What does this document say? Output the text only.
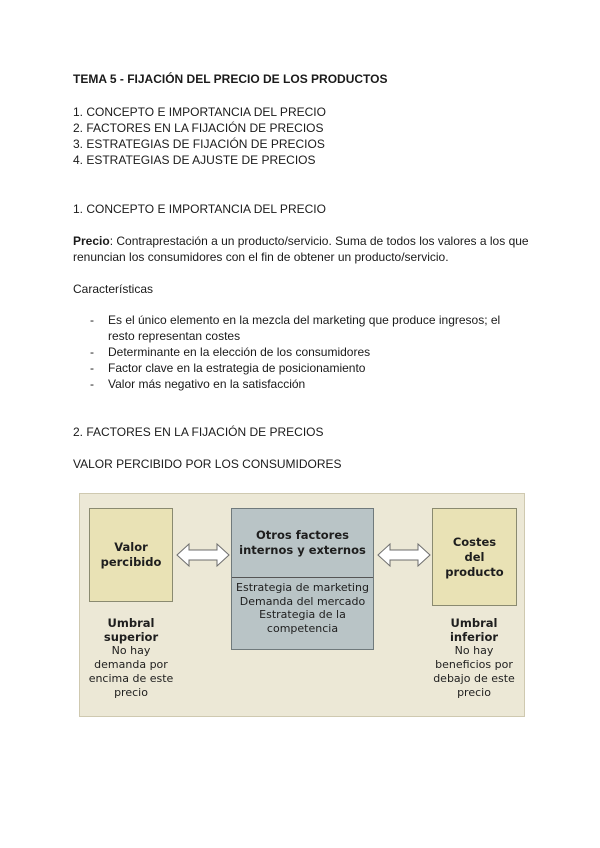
TEMA 5 - FIJACIÓN DEL PRECIO DE LOS PRODUCTOS
1. CONCEPTO E IMPORTANCIA DEL PRECIO
2. FACTORES EN LA FIJACIÓN DE PRECIOS
3. ESTRATEGIAS DE FIJACIÓN DE PRECIOS
4. ESTRATEGIAS DE AJUSTE DE PRECIOS
1. CONCEPTO E IMPORTANCIA DEL PRECIO
Precio: Contraprestación a un producto/servicio. Suma de todos los valores a los que renuncian los consumidores con el fin de obtener un producto/servicio.
Características
- Es el único elemento en la mezcla del marketing que produce ingresos; el resto representan costes
- Determinante en la elección de los consumidores
- Factor clave en la estrategia de posicionamiento
- Valor más negativo en la satisfacción
2. FACTORES EN LA FIJACIÓN DE PRECIOS
VALOR PERCIBIDO POR LOS CONSUMIDORES
Valor
percibido
Otros factores
internos y externos
Estrategia de marketing
Demanda del mercado
Estrategia de la
competencia
Costes
del
producto
Umbral
superior
No hay
demanda por
encima de este
precio
Umbral
inferior
No hay
beneficios por
debajo de este
precio
